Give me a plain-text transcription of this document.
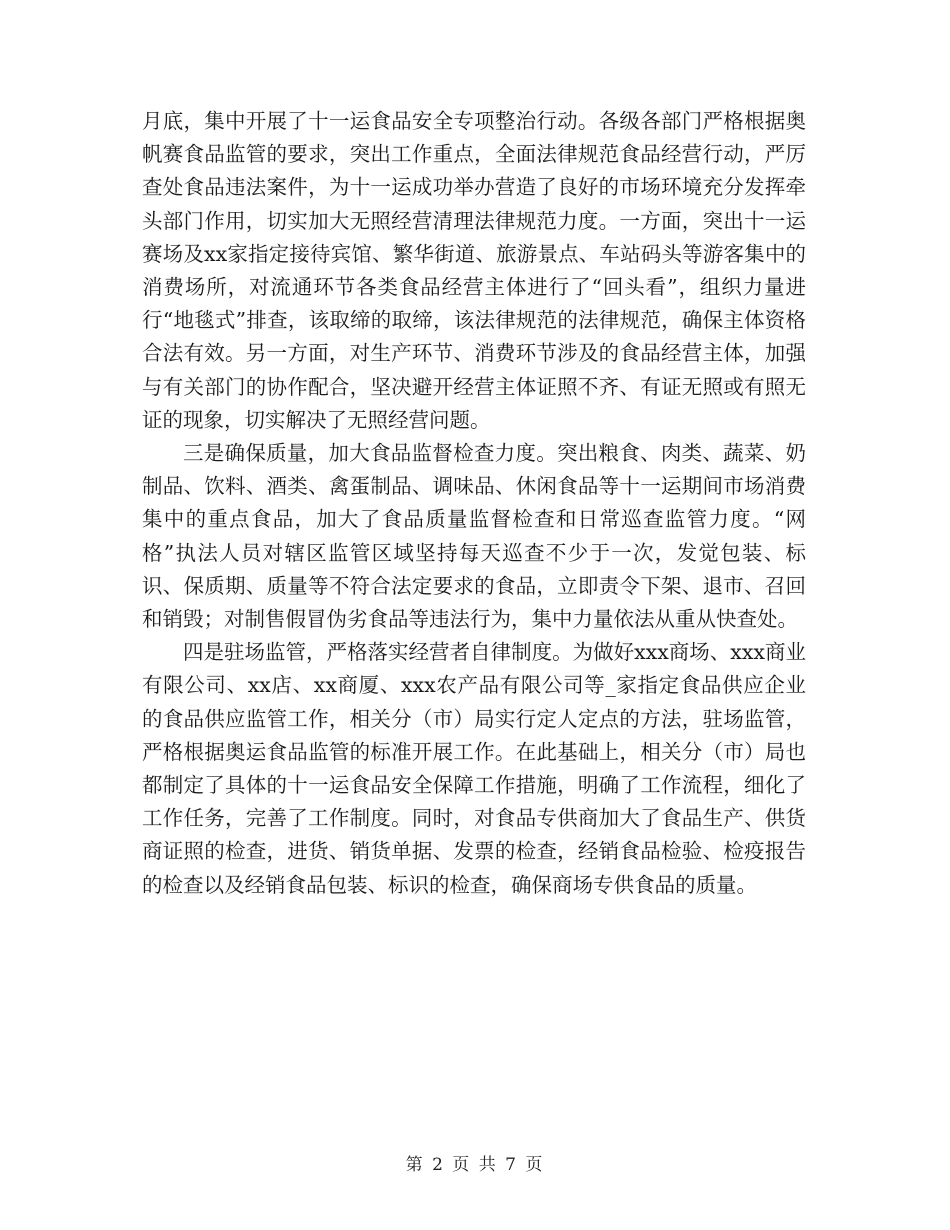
月底，集中开展了十一运食品安全专项整治行动。各级各部门严格根据奥帆赛食品监管的要求，突出工作重点，全面法律规范食品经营行动，严厉查处食品违法案件，为十一运成功举办营造了良好的市场环境充分发挥牵头部门作用，切实加大无照经营清理法律规范力度。一方面，突出十一运赛场及xx家指定接待宾馆、繁华街道、旅游景点、车站码头等游客集中的消费场所，对流通环节各类食品经营主体进行了“回头看”，组织力量进行“地毯式”排查，该取缔的取缔，该法律规范的法律规范，确保主体资格合法有效。另一方面，对生产环节、消费环节涉及的食品经营主体，加强与有关部门的协作配合，坚决避开经营主体证照不齐、有证无照或有照无证的现象，切实解决了无照经营问题。

三是确保质量，加大食品监督检查力度。突出粮食、肉类、蔬菜、奶制品、饮料、酒类、禽蛋制品、调味品、休闲食品等十一运期间市场消费集中的重点食品，加大了食品质量监督检查和日常巡查监管力度。“网格”执法人员对辖区监管区域坚持每天巡查不少于一次，发觉包装、标识、保质期、质量等不符合法定要求的食品，立即责令下架、退市、召回和销毁；对制售假冒伪劣食品等违法行为，集中力量依法从重从快查处。

四是驻场监管，严格落实经营者自律制度。为做好xxx商场、xxx商业有限公司、xx店、xx商厦、xxx农产品有限公司等_家指定食品供应企业的食品供应监管工作，相关分（市）局实行定人定点的方法，驻场监管，严格根据奥运食品监管的标准开展工作。在此基础上，相关分（市）局也都制定了具体的十一运食品安全保障工作措施，明确了工作流程，细化了工作任务，完善了工作制度。同时，对食品专供商加大了食品生产、供货商证照的检查，进货、销货单据、发票的检查，经销食品检验、检疫报告的检查以及经销食品包装、标识的检查，确保商场专供食品的质量。

第 2 页 共 7 页
